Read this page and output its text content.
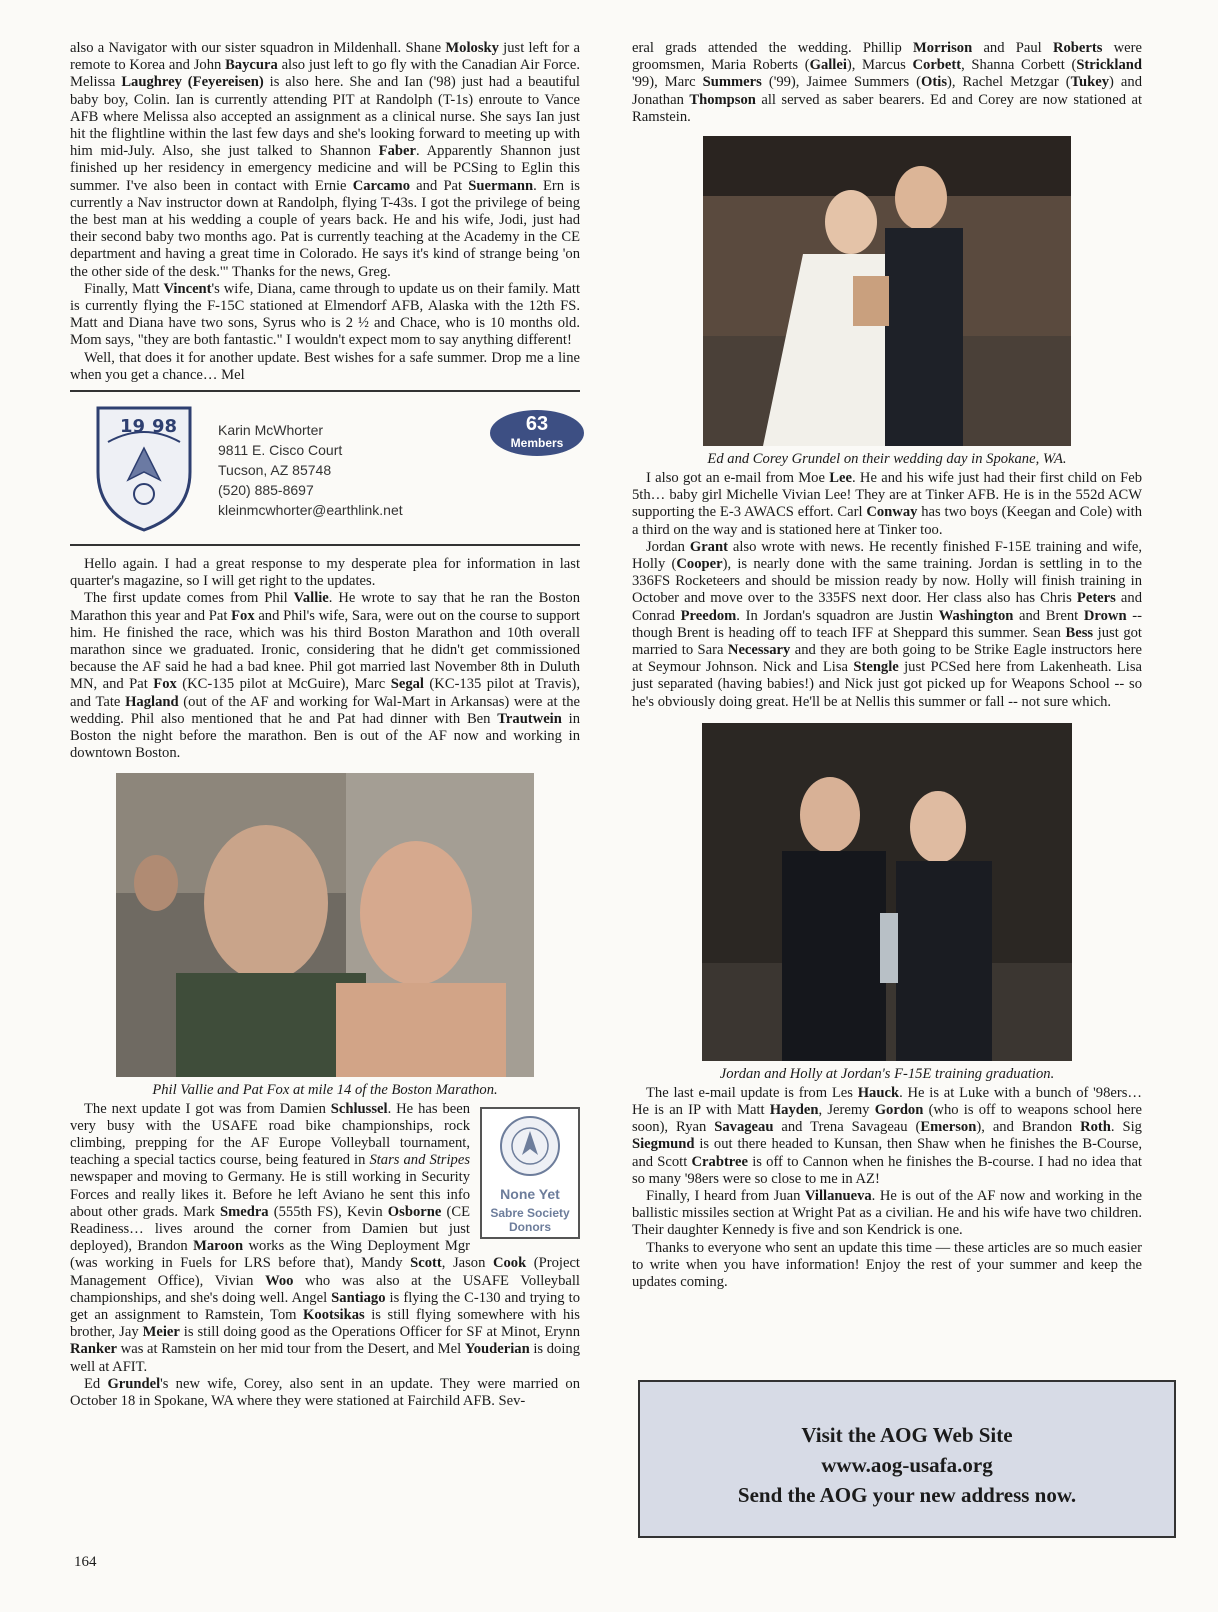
also a Navigator with our sister squadron in Mildenhall. Shane Molosky just left for a remote to Korea and John Baycura also just left to go fly with the Canadian Air Force. Melissa Laughrey (Feyereisen) is also here. She and Ian ('98) just had a beautiful baby boy, Colin. Ian is currently attending PIT at Randolph (T-1s) enroute to Vance AFB where Melissa also accepted an assignment as a clinical nurse. She says Ian just hit the flightline within the last few days and she's looking forward to meeting up with him mid-July. Also, she just talked to Shannon Faber. Apparently Shannon just finished up her residency in emergency medicine and will be PCSing to Eglin this summer. I've also been in contact with Ernie Carcamo and Pat Suermann. Ern is currently a Nav instructor down at Randolph, flying T-43s. I got the privilege of being the best man at his wedding a couple of years back. He and his wife, Jodi, just had their second baby two months ago. Pat is currently teaching at the Academy in the CE department and having a great time in Colorado. He says it's kind of strange being 'on the other side of the desk.'" Thanks for the news, Greg.

Finally, Matt Vincent's wife, Diana, came through to update us on their family. Matt is currently flying the F-15C stationed at Elmendorf AFB, Alaska with the 12th FS. Matt and Diana have two sons, Syrus who is 2 ½ and Chace, who is 10 months old. Mom says, "they are both fantastic." I wouldn't expect mom to say anything different!

Well, that does it for another update. Best wishes for a safe summer. Drop me a line when you get a chance… Mel

19 98	Karin McWhorter
9811 E. Cisco Court
Tucson, AZ 85748
(520) 885-8697
kleinmcwhorter@earthlink.net
63
Members

Hello again. I had a great response to my desperate plea for information in last quarter's magazine, so I will get right to the updates.

The first update comes from Phil Vallie. He wrote to say that he ran the Boston Marathon this year and Pat Fox and Phil's wife, Sara, were out on the course to support him. He finished the race, which was his third Boston Marathon and 10th overall marathon since we graduated. Ironic, considering that he didn't get commissioned because the AF said he had a bad knee. Phil got married last November 8th in Duluth MN, and Pat Fox (KC-135 pilot at McGuire), Marc Segal (KC-135 pilot at Travis), and Tate Hagland (out of the AF and working for Wal-Mart in Arkansas) were at the wedding. Phil also mentioned that he and Pat had dinner with Ben Trautwein in Boston the night before the marathon. Ben is out of the AF now and working in downtown Boston.

Phil Vallie and Pat Fox at mile 14 of the Boston Marathon.
None Yet
Sabre Society
Donors

The next update I got was from Damien Schlussel. He has been very busy with the USAFE road bike championships, rock climbing, prepping for the AF Europe Volleyball tournament, teaching a special tactics course, being featured in Stars and Stripes newspaper and moving to Germany. He is still working in Security Forces and really likes it. Before he left Aviano he sent this info about other grads. Mark Smedra (555th FS), Kevin Osborne (CE Readiness… lives around the corner from Damien but just deployed), Brandon Maroon works as the Wing Deployment Mgr (was working in Fuels for LRS before that), Mandy Scott, Jason Cook (Project Management Office), Vivian Woo who was also at the USAFE Volleyball championships, and she's doing well. Angel Santiago is flying the C-130 and trying to get an assignment to Ramstein, Tom Kootsikas is still flying somewhere with his brother, Jay Meier is still doing good as the Operations Officer for SF at Minot, Erynn Ranker was at Ramstein on her mid tour from the Desert, and Mel Youderian is doing well at AFIT.

Ed Grundel's new wife, Corey, also sent in an update. They were married on October 18 in Spokane, WA where they were stationed at Fairchild AFB. Sev-

eral grads attended the wedding. Phillip Morrison and Paul Roberts were groomsmen, Maria Roberts (Gallei), Marcus Corbett, Shanna Corbett (Strickland '99), Marc Summers ('99), Jaimee Summers (Otis), Rachel Metzgar (Tukey) and Jonathan Thompson all served as saber bearers. Ed and Corey are now stationed at Ramstein.

Ed and Corey Grundel on their wedding day in Spokane, WA.

I also got an e-mail from Moe Lee. He and his wife just had their first child on Feb 5th… baby girl Michelle Vivian Lee! They are at Tinker AFB. He is in the 552d ACW supporting the E-3 AWACS effort. Carl Conway has two boys (Keegan and Cole) with a third on the way and is stationed here at Tinker too.

Jordan Grant also wrote with news. He recently finished F-15E training and wife, Holly (Cooper), is nearly done with the same training. Jordan is settling in to the 336FS Rocketeers and should be mission ready by now. Holly will finish training in October and move over to the 335FS next door. Her class also has Chris Peters and Conrad Preedom. In Jordan's squadron are Justin Washington and Brent Drown -- though Brent is heading off to teach IFF at Sheppard this summer. Sean Bess just got married to Sara Necessary and they are both going to be Strike Eagle instructors here at Seymour Johnson. Nick and Lisa Stengle just PCSed here from Lakenheath. Lisa just separated (having babies!) and Nick just got picked up for Weapons School -- so he's obviously doing great. He'll be at Nellis this summer or fall -- not sure which.

Jordan and Holly at Jordan's F-15E training graduation.

The last e-mail update is from Les Hauck. He is at Luke with a bunch of '98ers… He is an IP with Matt Hayden, Jeremy Gordon (who is off to weapons school here soon), Ryan Savageau and Trena Savageau (Emerson), and Brandon Roth. Sig Siegmund is out there headed to Kunsan, then Shaw when he finishes the B-Course, and Scott Crabtree is off to Cannon when he finishes the B-course. I had no idea that so many '98ers were so close to me in AZ!

Finally, I heard from Juan Villanueva. He is out of the AF now and working in the ballistic missiles section at Wright Pat as a civilian. He and his wife have two children. Their daughter Kennedy is five and son Kendrick is one.

Thanks to everyone who sent an update this time — these articles are so much easier to write when you have information! Enjoy the rest of your summer and keep the updates coming.

Visit the AOG Web Site
www.aog-usafa.org
Send the AOG your new address now.
164
